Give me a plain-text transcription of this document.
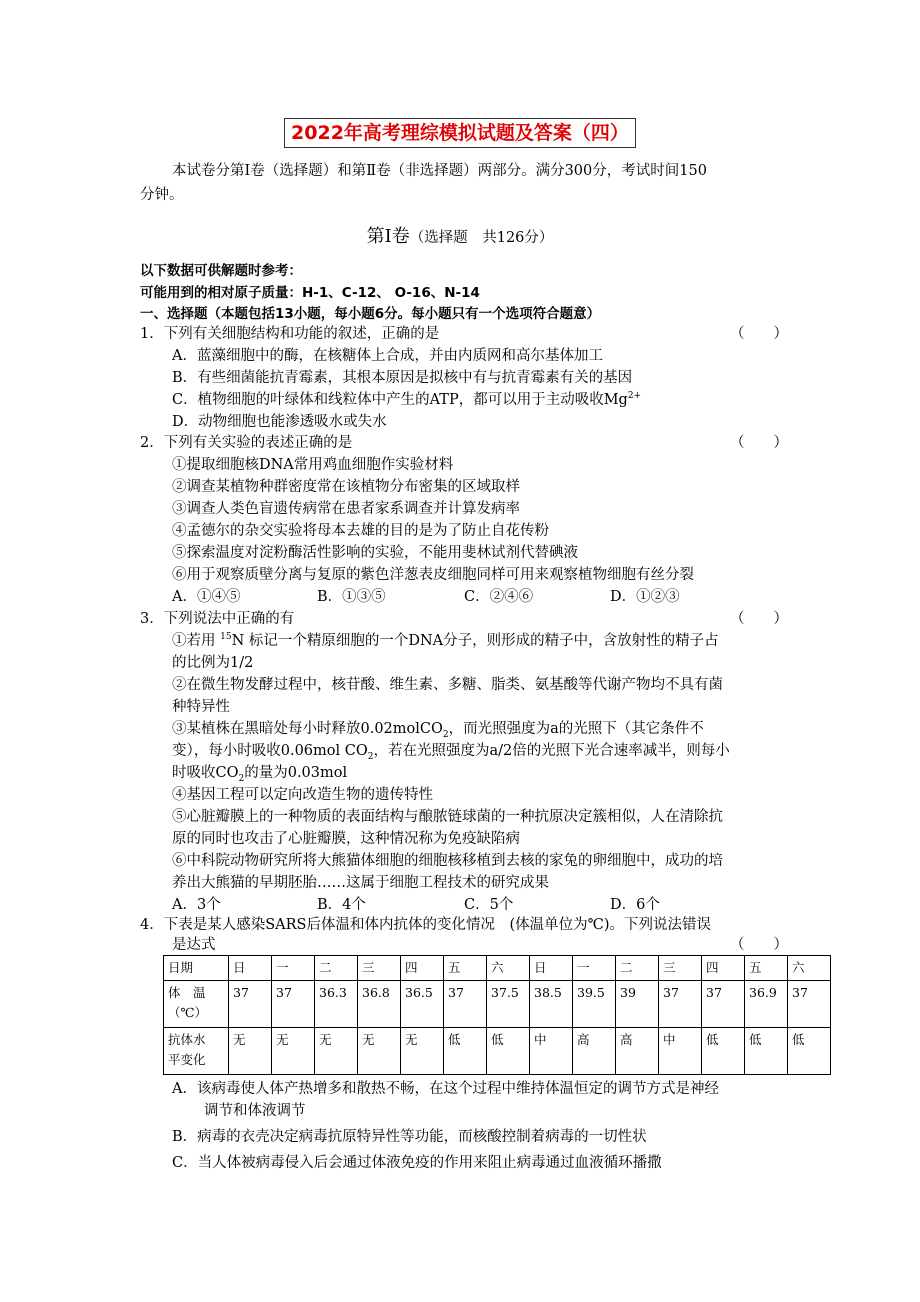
2022年高考理综模拟试题及答案（四）
本试卷分第Ⅰ卷（选择题）和第Ⅱ卷（非选择题）两部分。满分300分，考试时间150
分钟。
第Ⅰ卷（选择题　共126分）
以下数据可供解题时参考：
可能用到的相对原子质量：H-1、C-12、 O-16、N-14
一、选择题（本题包括13小题，每小题6分。每小题只有一个选项符合题意）
1．下列有关细胞结构和功能的叙述，正确的是	（　　）
A．蓝藻细胞中的酶，在核糖体上合成，并由内质网和高尔基体加工
B．有些细菌能抗青霉素，其根本原因是拟核中有与抗青霉素有关的基因
C．植物细胞的叶绿体和线粒体中产生的ATP，都可以用于主动吸收$Mg^{2+}$
D．动物细胞也能渗透吸水或失水
2．下列有关实验的表述正确的是	（　　）
①提取细胞核DNA常用鸡血细胞作实验材料
②调查某植物种群密度常在该植物分布密集的区域取样
③调查人类色盲遗传病常在患者家系调查并计算发病率
④孟德尔的杂交实验将母本去雄的目的是为了防止自花传粉
⑤探索温度对淀粉酶活性影响的实验，不能用斐林试剂代替碘液
⑥用于观察质壁分离与复原的紫色洋葱表皮细胞同样可用来观察植物细胞有丝分裂
A．①④⑤	B．①③⑤	C．②④⑥	D．①②③
3．下列说法中正确的有	（　　）
①若用 $^{15}$N 标记一个精原细胞的一个DNA分子，则形成的精子中，含放射性的精子占
的比例为1/2
②在微生物发酵过程中，核苷酸、维生素、多糖、脂类、氨基酸等代谢产物均不具有菌
种特异性
③某植株在黑暗处每小时释放0.02molCO$_2$，而光照强度为a的光照下（其它条件不
变），每小时吸收0.06mol $CO_2$，若在光照强度为a/2倍的光照下光合速率减半，则每小
时吸收$CO_2$的量为0.03mol
④基因工程可以定向改造生物的遗传特性
⑤心脏瓣膜上的一种物质的表面结构与酿脓链球菌的一种抗原决定簇相似，人在清除抗
原的同时也攻击了心脏瓣膜，这种情况称为免疫缺陷病
⑥中科院动物研究所将大熊猫体细胞的细胞核移植到去核的家兔的卵细胞中，成功的培
养出大熊猫的早期胚胎……这属于细胞工程技术的研究成果
A．3个	B．4个	C．5个	D．6个
4．下表是某人感染SARS后体温和体内抗体的变化情况　(体温单位为℃)。下列说法错误
是达式	（　　）
日期	日	一	二	三	四	五	六	日	一	二	三	四	五	六

体　温
（℃）	37	37	36.3	36.8	36.5	37	37.5	38.5	39.5	39	37	37	36.9	37

抗体水
平变化	无	无	无	无	无	低	低	中	高	高	中	低	低	低
A．该病毒使人体产热增多和散热不畅，在这个过程中维持体温恒定的调节方式是神经
调节和体液调节
B．病毒的衣壳决定病毒抗原特异性等功能，而核酸控制着病毒的一切性状
C．当人体被病毒侵入后会通过体液免疫的作用来阻止病毒通过血液循环播撒
